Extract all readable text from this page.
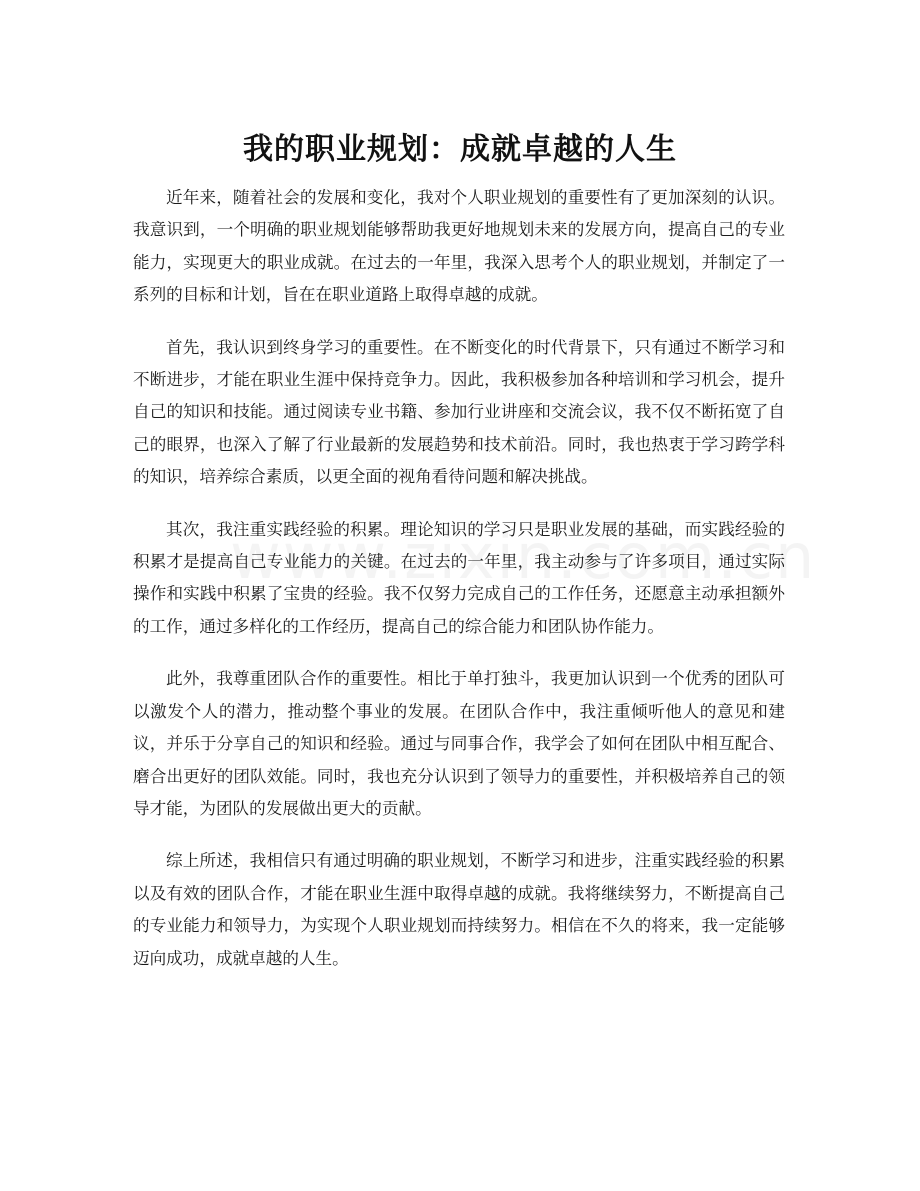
我的职业规划：成就卓越的人生

近年来，随着社会的发展和变化，我对个人职业规划的重要性有了更加深刻的认识。我意识到，一个明确的职业规划能够帮助我更好地规划未来的发展方向，提高自己的专业能力，实现更大的职业成就。在过去的一年里，我深入思考个人的职业规划，并制定了一系列的目标和计划，旨在在职业道路上取得卓越的成就。

首先，我认识到终身学习的重要性。在不断变化的时代背景下，只有通过不断学习和不断进步，才能在职业生涯中保持竞争力。因此，我积极参加各种培训和学习机会，提升自己的知识和技能。通过阅读专业书籍、参加行业讲座和交流会议，我不仅不断拓宽了自己的眼界，也深入了解了行业最新的发展趋势和技术前沿。同时，我也热衷于学习跨学科的知识，培养综合素质，以更全面的视角看待问题和解决挑战。

其次，我注重实践经验的积累。理论知识的学习只是职业发展的基础，而实践经验的积累才是提高自己专业能力的关键。在过去的一年里，我主动参与了许多项目，通过实际操作和实践中积累了宝贵的经验。我不仅努力完成自己的工作任务，还愿意主动承担额外的工作，通过多样化的工作经历，提高自己的综合能力和团队协作能力。

此外，我尊重团队合作的重要性。相比于单打独斗，我更加认识到一个优秀的团队可以激发个人的潜力，推动整个事业的发展。在团队合作中，我注重倾听他人的意见和建议，并乐于分享自己的知识和经验。通过与同事合作，我学会了如何在团队中相互配合、磨合出更好的团队效能。同时，我也充分认识到了领导力的重要性，并积极培养自己的领导才能，为团队的发展做出更大的贡献。

综上所述，我相信只有通过明确的职业规划，不断学习和进步，注重实践经验的积累以及有效的团队合作，才能在职业生涯中取得卓越的成就。我将继续努力，不断提高自己的专业能力和领导力，为实现个人职业规划而持续努力。相信在不久的将来，我一定能够迈向成功，成就卓越的人生。
